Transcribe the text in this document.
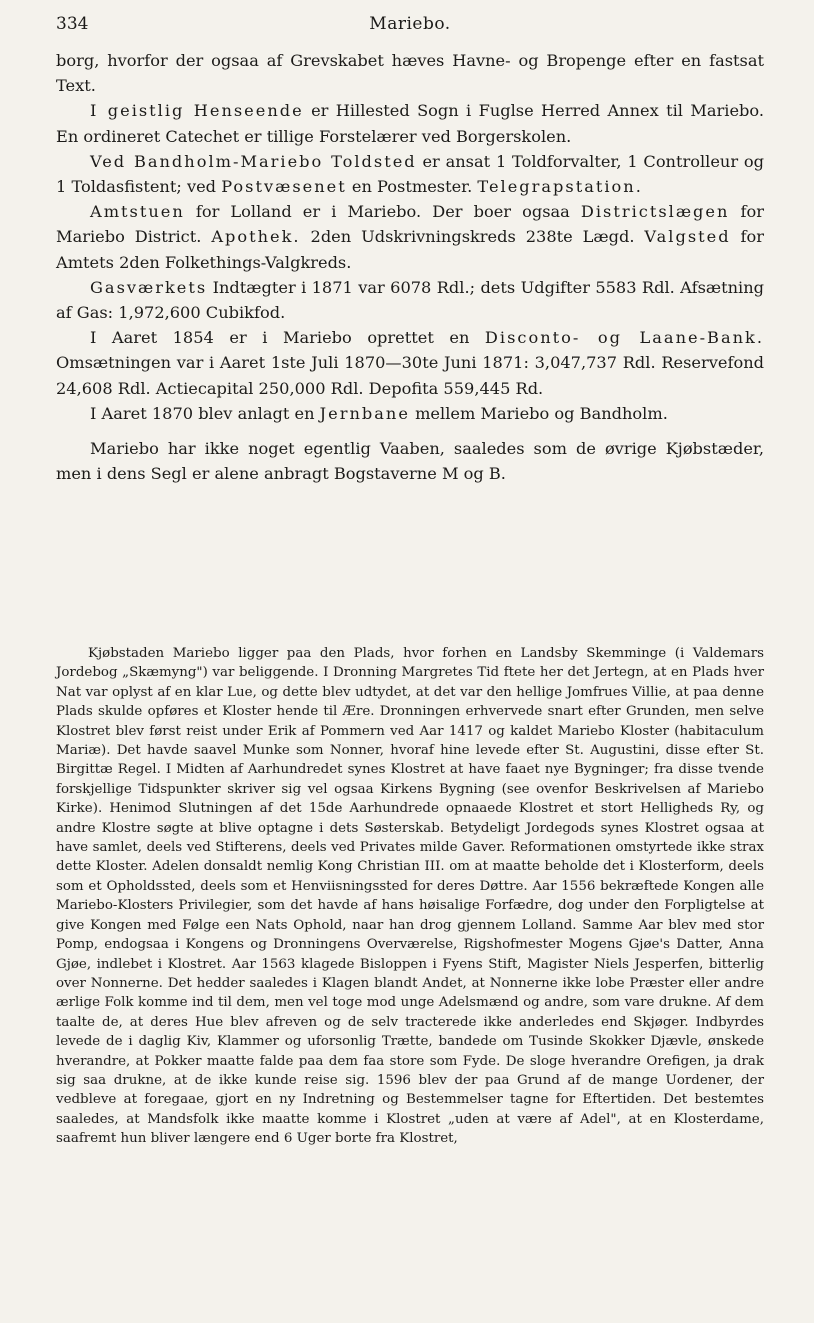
334	Mariebo.

borg, hvorfor der ogsaa af Grevskabet hæves Havne- og Bropenge efter en fastsat Text.

I geistlig Henseende er Hillested Sogn i Fuglse Herred Annex til Mariebo. En ordineret Catechet er tillige Forstelærer ved Borgerskolen.

Ved Bandholm-Mariebo Toldsted er ansat 1 Toldforvalter, 1 Controlleur og 1 Toldasfistent; ved Postvæsenet en Postmester. Telegrapstation.

Amtstuen for Lolland er i Mariebo. Der boer ogsaa Districtslægen for Mariebo District. Apothek. 2den Udskrivningskreds 238te Lægd. Valgsted for Amtets 2den Folkethings-Valgkreds.

Gasværkets Indtægter i 1871 var 6078 Rdl.; dets Udgifter 5583 Rdl. Afsætning af Gas: 1,972,600 Cubikfod.

I Aaret 1854 er i Mariebo oprettet en Disconto- og Laane-Bank. Omsætningen var i Aaret 1ste Juli 1870—30te Juni 1871: 3,047,737 Rdl. Reservefond 24,608 Rdl. Actiecapital 250,000 Rdl. Depofita 559,445 Rd.

I Aaret 1870 blev anlagt en Jernbane mellem Mariebo og Bandholm.

Mariebo har ikke noget egentlig Vaaben, saaledes som de øvrige Kjøbstæder, men i dens Segl er alene anbragt Bogstaverne M og B.

Kjøbstaden Mariebo ligger paa den Plads, hvor forhen en Landsby Skemminge (i Valdemars Jordebog „Skæmyng") var beliggende. I Dronning Margretes Tid ftete her det Jertegn, at en Plads hver Nat var oplyst af en klar Lue, og dette blev udtydet, at det var den hellige Jomfrues Villie, at paa denne Plads skulde opføres et Kloster hende til Ære. Dronningen erhvervede snart efter Grunden, men selve Klostret blev først reist under Erik af Pommern ved Aar 1417 og kaldet Mariebo Kloster (habitaculum Mariæ). Det havde saavel Munke som Nonner, hvoraf hine levede efter St. Augustini, disse efter St. Birgittæ Regel. I Midten af Aarhundredet synes Klostret at have faaet nye Bygninger; fra disse tvende forskjellige Tidspunkter skriver sig vel ogsaa Kirkens Bygning (see ovenfor Beskrivelsen af Mariebo Kirke). Henimod Slutningen af det 15de Aarhundrede opnaaede Klostret et stort Helligheds Ry, og andre Klostre søgte at blive optagne i dets Søsterskab. Betydeligt Jordegods synes Klostret ogsaa at have samlet, deels ved Stifterens, deels ved Privates milde Gaver. Reformationen omstyrtede ikke strax dette Kloster. Adelen donsaldt nemlig Kong Christian III. om at maatte beholde det i Klosterform, deels som et Opholdssted, deels som et Henviisningssted for deres Døttre. Aar 1556 bekræftede Kongen alle Mariebo-Klosters Privilegier, som det havde af hans høisalige Forfædre, dog under den Forpligtelse at give Kongen med Følge een Nats Ophold, naar han drog gjennem Lolland. Samme Aar blev med stor Pomp, endogsaa i Kongens og Dronningens Overværelse, Rigshofmester Mogens Gjøe's Datter, Anna Gjøe, indlebet i Klostret. Aar 1563 klagede Bisloppen i Fyens Stift, Magister Niels Jesperfen, bitterlig over Nonnerne. Det hedder saaledes i Klagen blandt Andet, at Nonnerne ikke lobe Præster eller andre ærlige Folk komme ind til dem, men vel toge mod unge Adelsmænd og andre, som vare drukne. Af dem taalte de, at deres Hue blev afreven og de selv tracterede ikke anderledes end Skjøger. Indbyrdes levede de i daglig Kiv, Klammer og uforsonlig Trætte, bandede om Tusinde Skokker Djævle, ønskede hverandre, at Pokker maatte falde paa dem faa store som Fyde. De sloge hverandre Orefigen, ja drak sig saa drukne, at de ikke kunde reise sig. 1596 blev der paa Grund af de mange Uordener, der vedbleve at foregaae, gjort en ny Indretning og Bestemmelser tagne for Eftertiden. Det bestemtes saaledes, at Mandsfolk ikke maatte komme i Klostret „uden at være af Adel", at en Klosterdame, saafremt hun bliver længere end 6 Uger borte fra Klostret,
